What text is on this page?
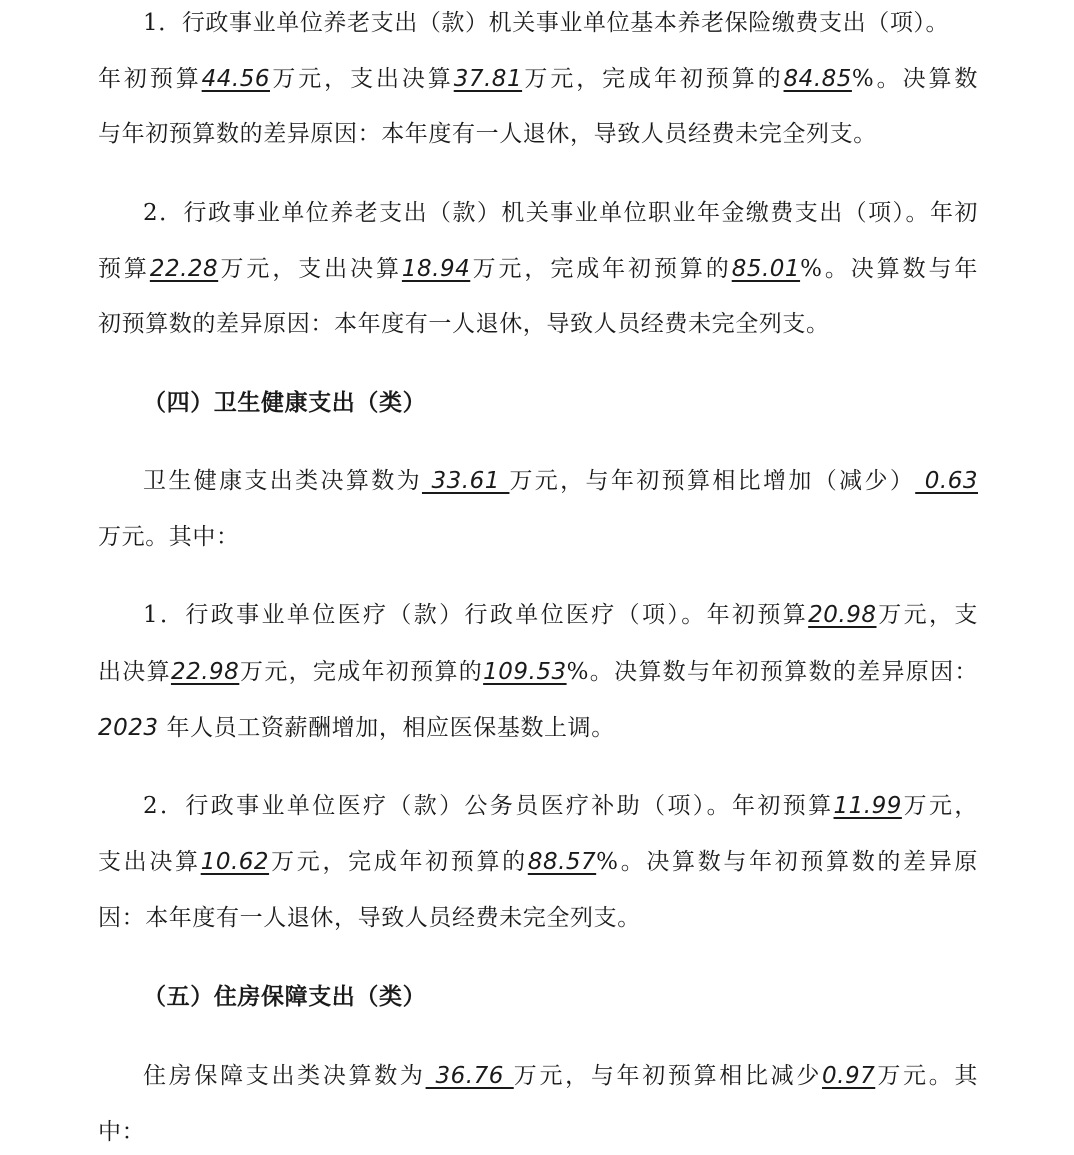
1．行政事业单位养老支出（款）机关事业单位基本养老保险缴费支出（项）。
年初预算44.56万元，支出决算37.81万元，完成年初预算的84.85%。决算数
与年初预算数的差异原因：本年度有一人退休，导致人员经费未完全列支。
2．行政事业单位养老支出（款）机关事业单位职业年金缴费支出（项）。年初
预算22.28万元，支出决算18.94万元，完成年初预算的85.01%。决算数与年
初预算数的差异原因：本年度有一人退休，导致人员经费未完全列支。
（四）卫生健康支出（类）
卫生健康支出类决算数为 33.61 万元，与年初预算相比增加（减少） 0.63
万元。其中：
1．行政事业单位医疗（款）行政单位医疗（项）。年初预算20.98万元，支
出决算22.98万元，完成年初预算的109.53%。决算数与年初预算数的差异原因：
2023 年人员工资薪酬增加，相应医保基数上调。
2．行政事业单位医疗（款）公务员医疗补助（项）。年初预算11.99万元，
支出决算10.62万元，完成年初预算的88.57%。决算数与年初预算数的差异原
因：本年度有一人退休，导致人员经费未完全列支。
（五）住房保障支出（类）
住房保障支出类决算数为 36.76 万元，与年初预算相比减少0.97万元。其
中：
